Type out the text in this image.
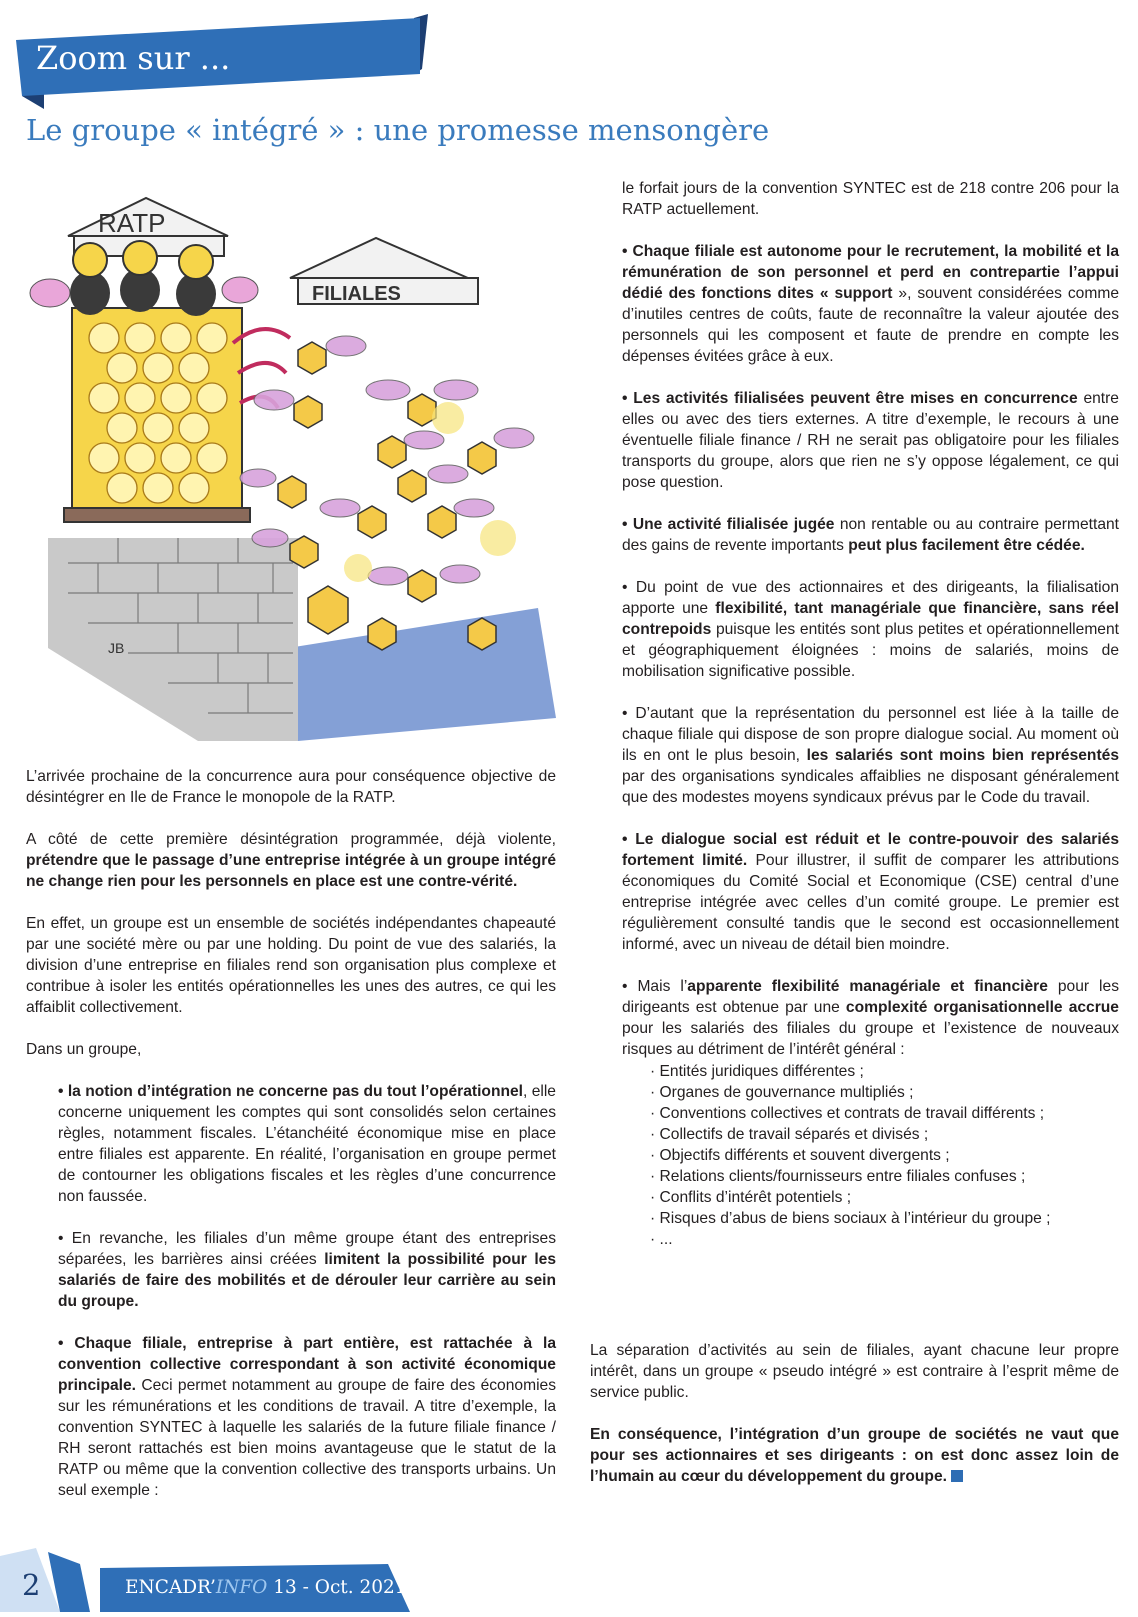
Zoom sur ...
Le groupe « intégré » : une promesse mensongère
RATP
FILIALES
JB

L’arrivée prochaine de la concurrence aura pour conséquence objective de désintégrer en Ile de France le monopole de la RATP.

A côté de cette première désintégration programmée, déjà violente, prétendre que le passage d’une entreprise intégrée à un groupe intégré ne change rien pour les personnels en place est une contre-vérité.

En effet, un groupe est un ensemble de sociétés indépendantes chapeauté par une société mère ou par une holding. Du point de vue des salariés, la division d’une entreprise en filiales rend son organisation plus complexe et contribue à isoler les entités opérationnelles les unes des autres, ce qui les affaiblit collectivement.

Dans un groupe,

• la notion d’intégration ne concerne pas du tout l’opérationnel, elle concerne uniquement les comptes qui sont consolidés selon certaines règles, notamment fiscales. L’étanchéité économique mise en place entre filiales est apparente. En réalité, l’organisation en groupe permet de contourner les obligations fiscales et les règles d’une concurrence non faussée.

• En revanche, les filiales d’un même groupe étant des entreprises séparées, les barrières ainsi créées limitent la possibilité pour les salariés de faire des mobilités et de dérouler leur carrière au sein du groupe.

• Chaque filiale, entreprise à part entière, est rattachée à la convention collective correspondant à son activité économique principale. Ceci permet notamment au groupe de faire des économies sur les rémunérations et les conditions de travail. A titre d’exemple, la convention SYNTEC à laquelle les salariés de la future filiale finance / RH seront rattachés est bien moins avantageuse que le statut de la RATP ou même que la convention collective des transports urbains. Un seul exemple :

le forfait jours de la convention SYNTEC est de 218 contre 206 pour la RATP actuellement.

• Chaque filiale est autonome pour le recrutement, la mobilité et la rémunération de son personnel et perd en contrepartie l’appui dédié des fonctions dites « support », souvent considérées comme d’inutiles centres de coûts, faute de reconnaître la valeur ajoutée des personnels qui les composent et faute de prendre en compte les dépenses évitées grâce à eux.

• Les activités filialisées peuvent être mises en concurrence entre elles ou avec des tiers externes. A titre d’exemple, le recours à une éventuelle filiale finance / RH ne serait pas obligatoire pour les filiales transports du groupe, alors que rien ne s’y oppose légalement, ce qui pose question.

• Une activité filialisée jugée non rentable ou au contraire permettant des gains de revente importants peut plus facilement être cédée.

• Du point de vue des actionnaires et des dirigeants, la filialisation apporte une flexibilité, tant managériale que financière, sans réel contrepoids puisque les entités sont plus petites et opérationnellement et géographiquement éloignées : moins de salariés, moins de mobilisation significative possible.

• D’autant que la représentation du personnel est liée à la taille de chaque filiale qui dispose de son propre dialogue social. Au moment où ils en ont le plus besoin, les salariés sont moins bien représentés par des organisations syndicales affaiblies ne disposant généralement que des modestes moyens syndicaux prévus par le Code du travail.

• Le dialogue social est réduit et le contre-pouvoir des salariés fortement limité. Pour illustrer, il suffit de comparer les attributions économiques du Comité Social et Economique (CSE) central d’une entreprise intégrée avec celles d’un comité groupe. Le premier est régulièrement consulté tandis que le second est occasionnellement informé, avec un niveau de détail bien moindre.

• Mais l’apparente flexibilité managériale et financière pour les dirigeants est obtenue par une complexité organisationnelle accrue pour les salariés des filiales du groupe et l’existence de nouveaux risques au détriment de l’intérêt général :

· Entités juridiques différentes ;
· Organes de gouvernance multipliés ;
· Conventions collectives et contrats de travail différents ;
· Collectifs de travail séparés et divisés ;
· Objectifs différents et souvent divergents ;
· Relations clients/fournisseurs entre filiales confuses ;
· Conflits d’intérêt potentiels ;
· Risques d’abus de biens sociaux à l’intérieur du groupe ;
· ...

La séparation d’activités au sein de filiales, ayant chacune leur propre intérêt, dans un groupe « pseudo intégré » est contraire à l’esprit même de service public.

En conséquence, l’intégration d’un groupe de sociétés ne vaut que pour ses actionnaires et ses dirigeants : on est donc assez loin de l’humain au cœur du développement du groupe.

2	ENCADR’INFO 13 - Oct. 2021
